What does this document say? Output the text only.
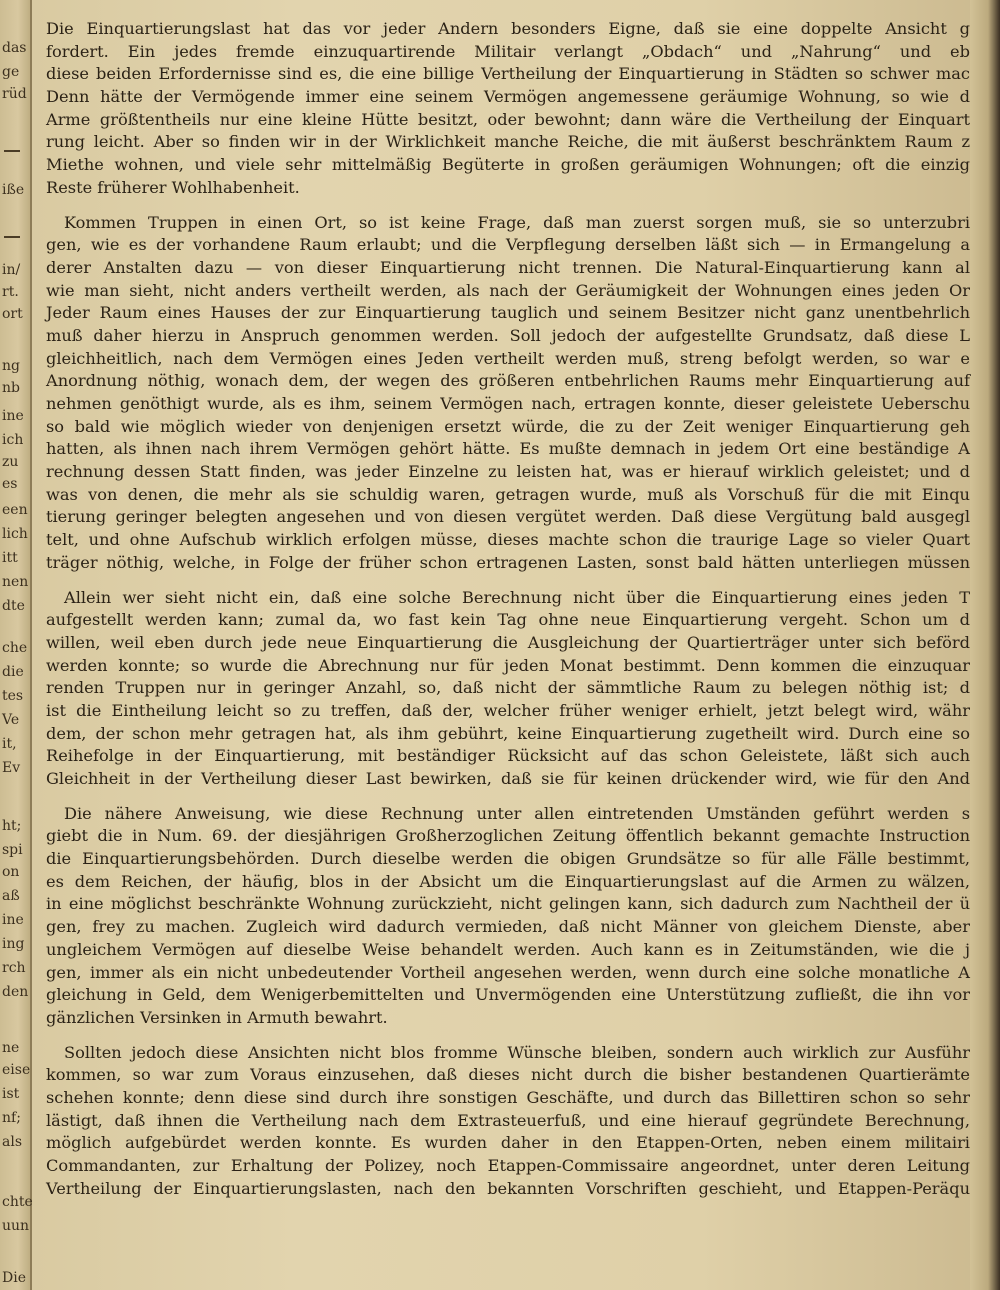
das
ge
rüd
iße
in/
rt.
ort
ng
nb
ine
ich
zu
es
een
lich
itt
nen
dte
che
die
tes
Ve
it,
Ev
ht;
spi
on
aß
ine
ing
rch
den
ne
eise
ist
nf;
als
chte
uun
Die
Die Einquartierungslast hat das vor jeder Andern besonders Eigne, daß sie eine doppelte Ansicht g
fordert. Ein jedes fremde einzuquartirende Militair verlangt „Obdach“ und „Nahrung“ und eb
diese beiden Erfordernisse sind es, die eine billige Vertheilung der Einquartierung in Städten so schwer mac
Denn hätte der Vermögende immer eine seinem Vermögen angemessene geräumige Wohnung, so wie d
Arme größtentheils nur eine kleine Hütte besitzt, oder bewohnt; dann wäre die Vertheilung der Einquart
rung leicht. Aber so finden wir in der Wirklichkeit manche Reiche, die mit äußerst beschränktem Raum z
Miethe wohnen, und viele sehr mittelmäßig Begüterte in großen geräumigen Wohnungen; oft die einzig
Reste früherer Wohlhabenheit.
Kommen Truppen in einen Ort, so ist keine Frage, daß man zuerst sorgen muß, sie so unterzubri
gen, wie es der vorhandene Raum erlaubt; und die Verpflegung derselben läßt sich — in Ermangelung a
derer Anstalten dazu — von dieser Einquartierung nicht trennen. Die Natural-Einquartierung kann al
wie man sieht, nicht anders vertheilt werden, als nach der Geräumigkeit der Wohnungen eines jeden Or
Jeder Raum eines Hauses der zur Einquartierung tauglich und seinem Besitzer nicht ganz unentbehrlich
muß daher hierzu in Anspruch genommen werden. Soll jedoch der aufgestellte Grundsatz, daß diese L
gleichheitlich, nach dem Vermögen eines Jeden vertheilt werden muß, streng befolgt werden, so war e
Anordnung nöthig, wonach dem, der wegen des größeren entbehrlichen Raums mehr Einquartierung auf
nehmen genöthigt wurde, als es ihm, seinem Vermögen nach, ertragen konnte, dieser geleistete Ueberschu
so bald wie möglich wieder von denjenigen ersetzt würde, die zu der Zeit weniger Einquartierung geh
hatten, als ihnen nach ihrem Vermögen gehört hätte. Es mußte demnach in jedem Ort eine beständige A
rechnung dessen Statt finden, was jeder Einzelne zu leisten hat, was er hierauf wirklich geleistet; und d
was von denen, die mehr als sie schuldig waren, getragen wurde, muß als Vorschuß für die mit Einqu
tierung geringer belegten angesehen und von diesen vergütet werden. Daß diese Vergütung bald ausgegl
telt, und ohne Aufschub wirklich erfolgen müsse, dieses machte schon die traurige Lage so vieler Quart
träger nöthig, welche, in Folge der früher schon ertragenen Lasten, sonst bald hätten unterliegen müssen
Allein wer sieht nicht ein, daß eine solche Berechnung nicht über die Einquartierung eines jeden T
aufgestellt werden kann; zumal da, wo fast kein Tag ohne neue Einquartierung vergeht. Schon um d
willen, weil eben durch jede neue Einquartierung die Ausgleichung der Quartierträger unter sich beförd
werden konnte; so wurde die Abrechnung nur für jeden Monat bestimmt. Denn kommen die einzuquar
renden Truppen nur in geringer Anzahl, so, daß nicht der sämmtliche Raum zu belegen nöthig ist; d
ist die Eintheilung leicht so zu treffen, daß der, welcher früher weniger erhielt, jetzt belegt wird, währ
dem, der schon mehr getragen hat, als ihm gebührt, keine Einquartierung zugetheilt wird. Durch eine so
Reihefolge in der Einquartierung, mit beständiger Rücksicht auf das schon Geleistete, läßt sich auch
Gleichheit in der Vertheilung dieser Last bewirken, daß sie für keinen drückender wird, wie für den And
Die nähere Anweisung, wie diese Rechnung unter allen eintretenden Umständen geführt werden s
giebt die in Num. 69. der diesjährigen Großherzoglichen Zeitung öffentlich bekannt gemachte Instruction
die Einquartierungsbehörden. Durch dieselbe werden die obigen Grundsätze so für alle Fälle bestimmt,
es dem Reichen, der häufig, blos in der Absicht um die Einquartierungslast auf die Armen zu wälzen,
in eine möglichst beschränkte Wohnung zurückzieht, nicht gelingen kann, sich dadurch zum Nachtheil der ü
gen, frey zu machen. Zugleich wird dadurch vermieden, daß nicht Männer von gleichem Dienste, aber
ungleichem Vermögen auf dieselbe Weise behandelt werden. Auch kann es in Zeitumständen, wie die j
gen, immer als ein nicht unbedeutender Vortheil angesehen werden, wenn durch eine solche monatliche A
gleichung in Geld, dem Wenigerbemittelten und Unvermögenden eine Unterstützung zufließt, die ihn vor
gänzlichen Versinken in Armuth bewahrt.
Sollten jedoch diese Ansichten nicht blos fromme Wünsche bleiben, sondern auch wirklich zur Ausführ
kommen, so war zum Voraus einzusehen, daß dieses nicht durch die bisher bestandenen Quartierämte
schehen konnte; denn diese sind durch ihre sonstigen Geschäfte, und durch das Billettiren schon so sehr
lästigt, daß ihnen die Vertheilung nach dem Extrasteuerfuß, und eine hierauf gegründete Berechnung,
möglich aufgebürdet werden konnte. Es wurden daher in den Etappen-Orten, neben einem militairi
Commandanten, zur Erhaltung der Polizey, noch Etappen-Commissaire angeordnet, unter deren Leitung
Vertheilung der Einquartierungslasten, nach den bekannten Vorschriften geschieht, und Etappen-Peräqu
